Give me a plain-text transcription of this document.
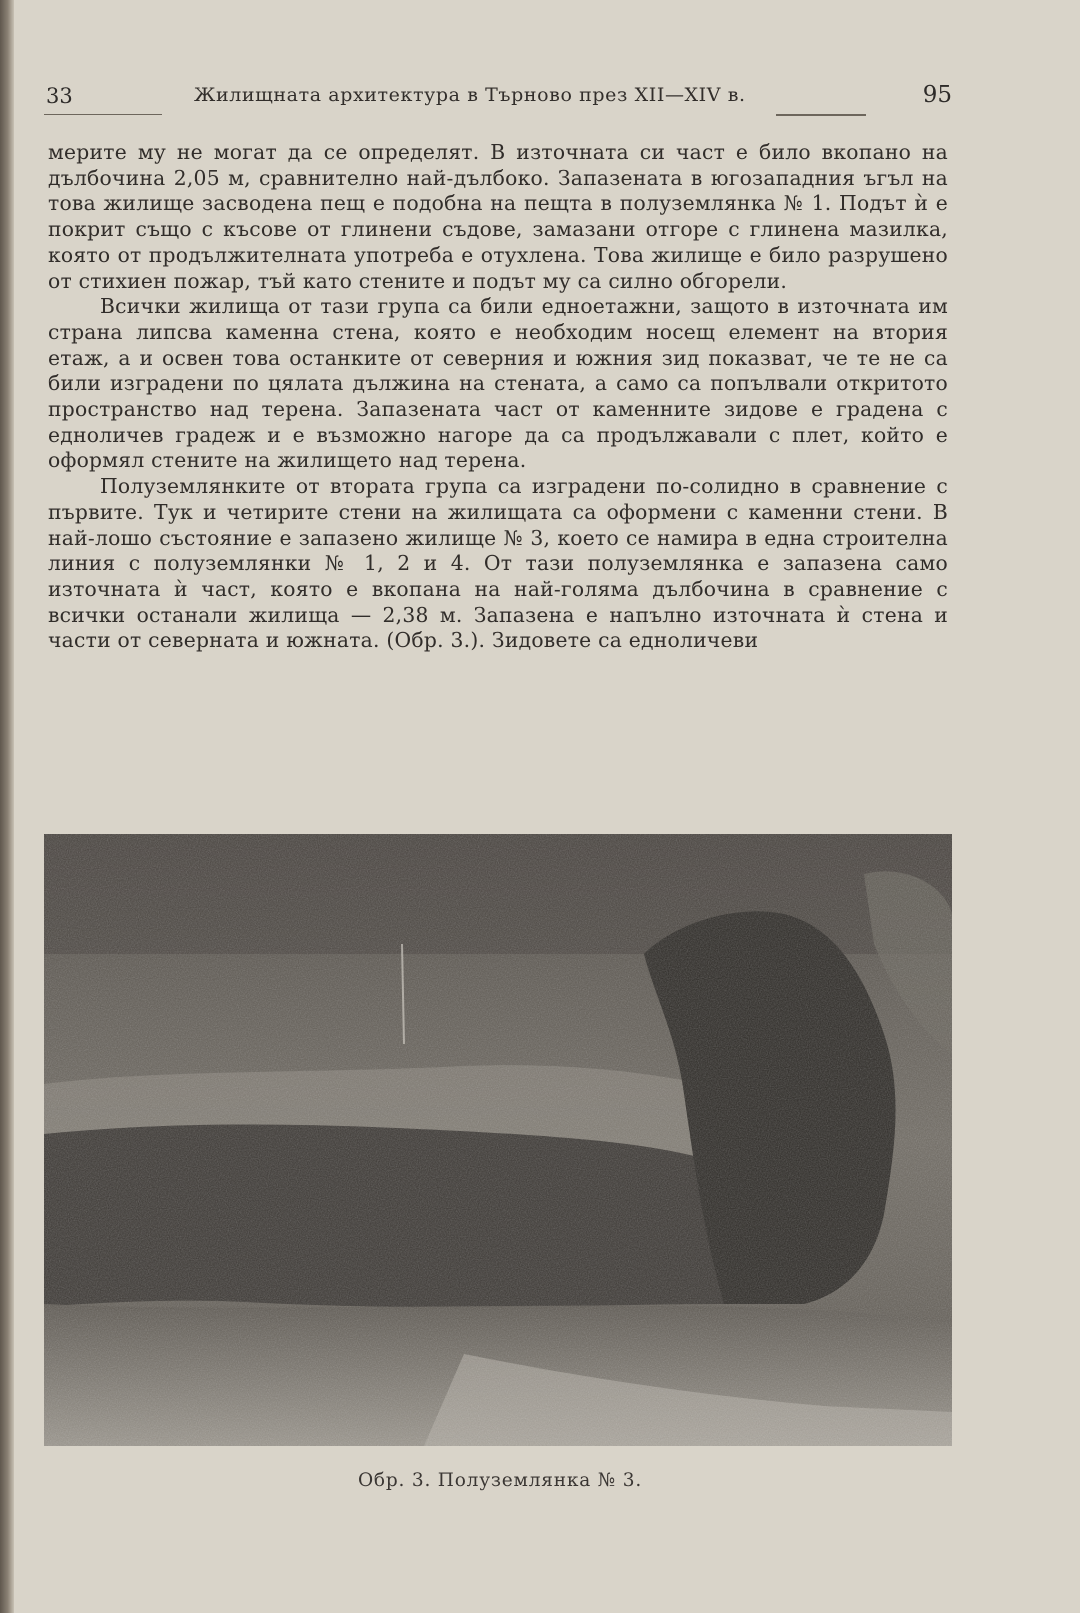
33	Жилищната архитектура в Търново през XII—XIV в.	95

мерите му не могат да се определят. В източната си част е било вкопано на дълбочина 2,05 м, сравнително най-дълбоко. Запазената в югозападния ъгъл на това жилище засводена пещ е подобна на пещта в полуземлянка № 1. Подът ѝ е покрит също с късове от глинени съдове, замазани отгоре с глинена мазилка, която от продължителната употреба е отухлена. Това жилище е било разрушено от стихиен пожар, тъй като стените и подът му са силно обгорели.

Всички жилища от тази група са били едноетажни, защото в източната им страна липсва каменна стена, която е необходим носещ елемент на втория етаж, а и освен това останките от северния и южния зид показват, че те не са били изградени по цялата дължина на стената, а само са попълвали откритото пространство над терена. Запазената част от каменните зидове е градена с едноличев градеж и е възможно нагоре да са продължавали с плет, който е оформял стените на жилището над терена.

Полуземлянките от втората група са изградени по-солидно в сравнение с първите. Тук и четирите стени на жилищата са оформени с каменни стени. В най-лошо състояние е запазено жилище № 3, което се намира в една строителна линия с полуземлянки № 1, 2 и 4. От тази полуземлянка е запазена само източната ѝ част, която е вкопана на най-голяма дълбочина в сравнение с всички останали жилища — 2,38 м. Запазена е напълно източната ѝ стена и части от северната и южната. (Обр. 3.). Зидовете са едноличеви

Обр. 3. Полуземлянка № 3.
